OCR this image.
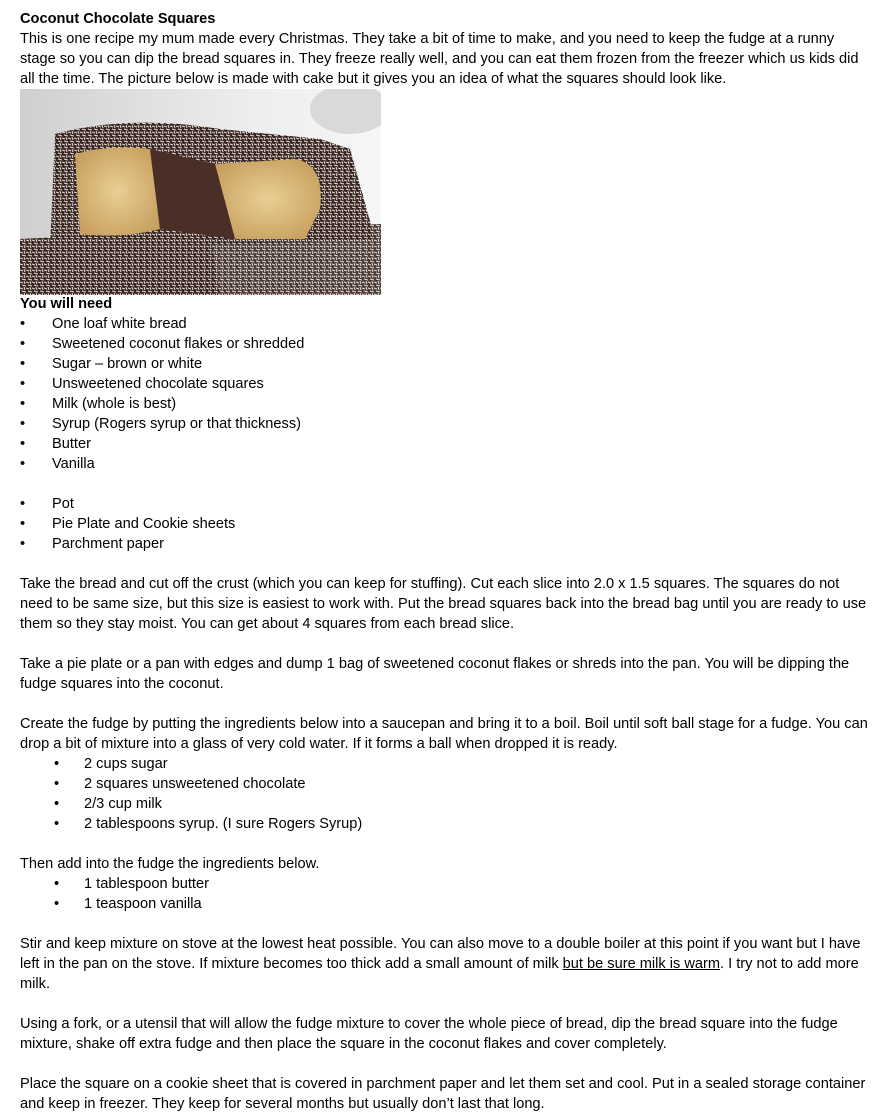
Coconut Chocolate Squares

This is one recipe my mum made every Christmas. They take a bit of time to make, and you need to keep the fudge at a runny stage so you can dip the bread squares in. They freeze really well, and you can eat them frozen from the freezer which us kids did all the time. The picture below is made with cake but it gives you an idea of what the squares should look like.

You will need
• One loaf white bread
• Sweetened coconut flakes or shredded
• Sugar – brown or white
• Unsweetened chocolate squares
• Milk (whole is best)
• Syrup (Rogers syrup or that thickness)
• Butter
• Vanilla
• Pot
• Pie Plate and Cookie sheets
• Parchment paper

Take the bread and cut off the crust (which you can keep for stuffing). Cut each slice into 2.0 x 1.5 squares. The squares do not need to be same size, but this size is easiest to work with. Put the bread squares back into the bread bag until you are ready to use them so they stay moist. You can get about 4 squares from each bread slice.

Take a pie plate or a pan with edges and dump 1 bag of sweetened coconut flakes or shreds into the pan. You will be dipping the fudge squares into the coconut.

Create the fudge by putting the ingredients below into a saucepan and bring it to a boil. Boil until soft ball stage for a fudge. You can drop a bit of mixture into a glass of very cold water. If it forms a ball when dropped it is ready.

• 2 cups sugar
• 2 squares unsweetened chocolate
• 2/3 cup milk
• 2 tablespoons syrup. (I sure Rogers Syrup)

Then add into the fudge the ingredients below.

• 1 tablespoon butter
• 1 teaspoon vanilla

Stir and keep mixture on stove at the lowest heat possible. You can also move to a double boiler at this point if you want but I have left in the pan on the stove. If mixture becomes too thick add a small amount of milk but be sure milk is warm. I try not to add more milk.

Using a fork, or a utensil that will allow the fudge mixture to cover the whole piece of bread, dip the bread square into the fudge mixture, shake off extra fudge and then place the square in the coconut flakes and cover completely.

Place the square on a cookie sheet that is covered in parchment paper and let them set and cool. Put in a sealed storage container and keep in freezer. They keep for several months but usually don’t last that long.
